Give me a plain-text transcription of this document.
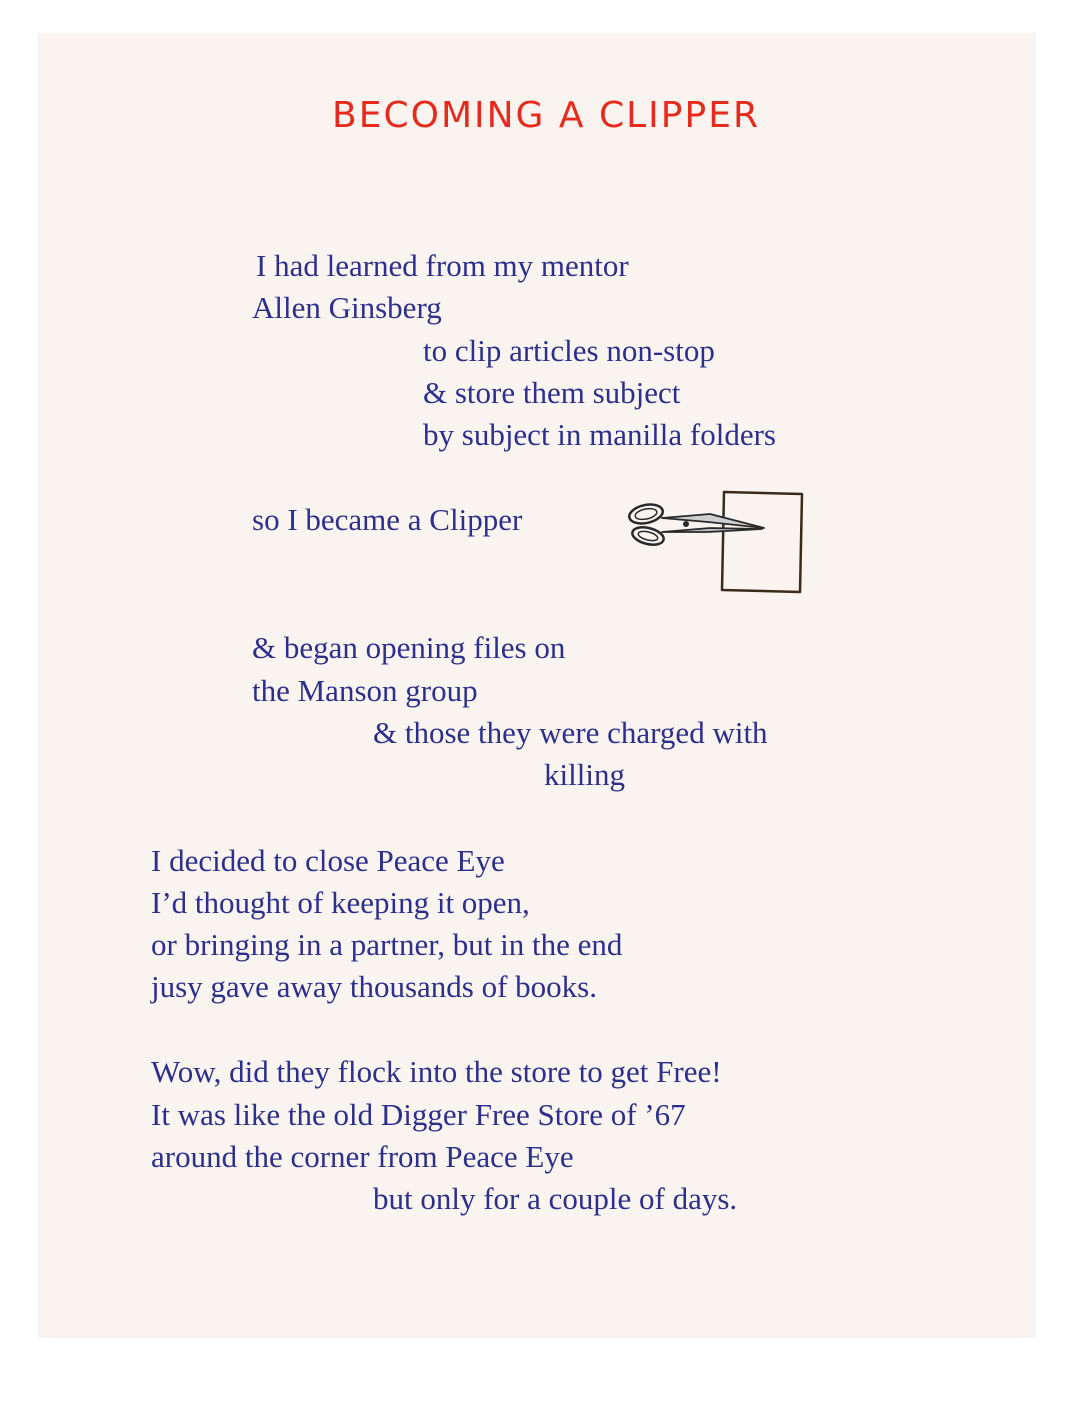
BECOMING A CLIPPER
I had learned from my mentor
Allen Ginsberg
to clip articles non-stop
& store them subject
by subject in manilla folders
so I became a Clipper
& began opening files on
the Manson group
& those they were charged with
killing
I decided to close Peace Eye
I’d thought of keeping it open,
or bringing in a partner, but in the end
jusy gave away thousands of books.
Wow, did they flock into the store to get Free!
It was like the old Digger Free Store of ’67
around the corner from Peace Eye
but only for a couple of days.
